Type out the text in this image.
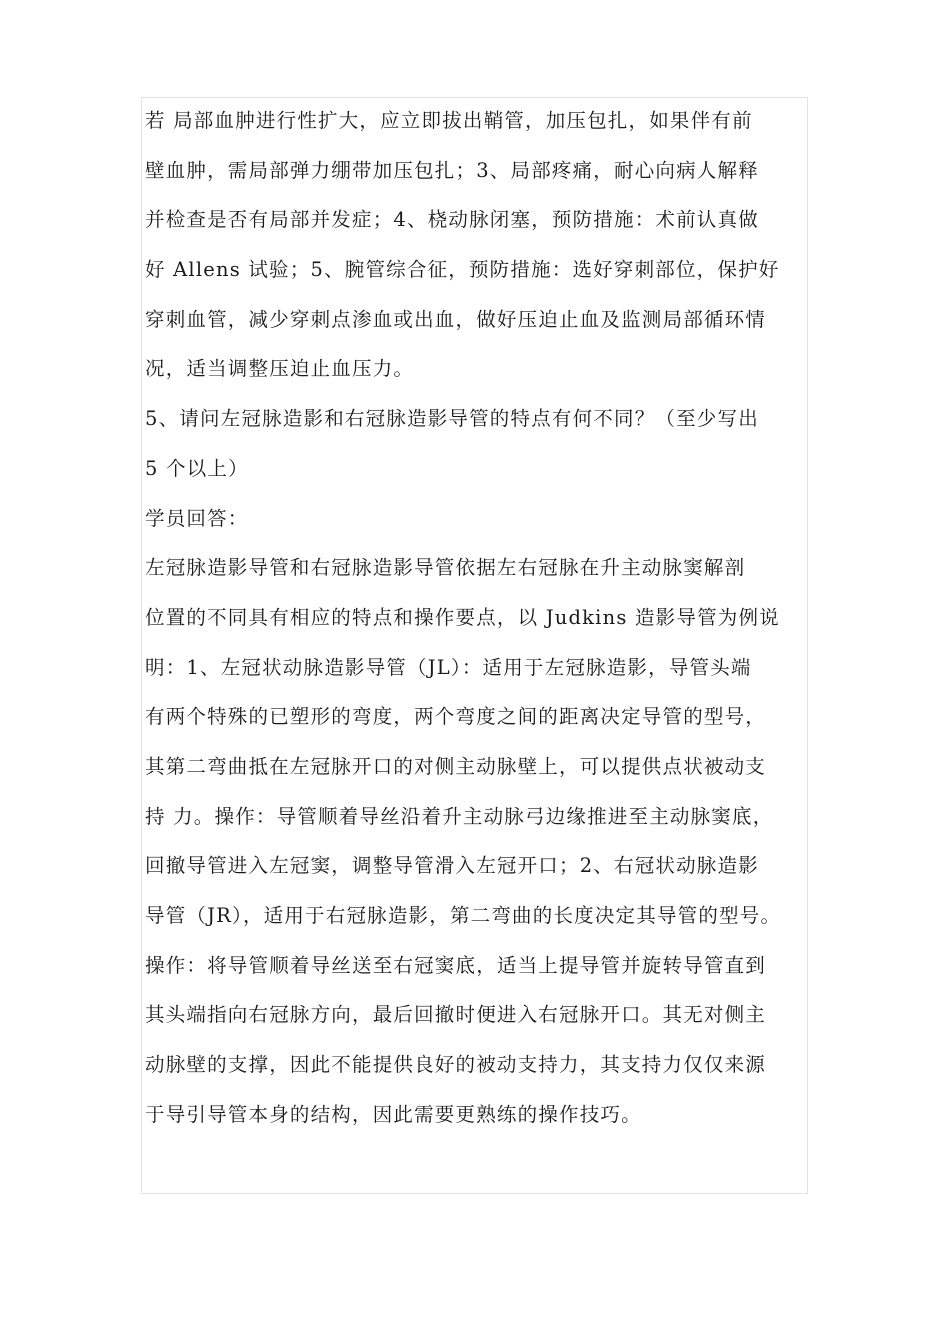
若 局部血肿进行性扩大，应立即拔出鞘管，加压包扎，如果伴有前
壁血肿，需局部弹力绷带加压包扎；3、局部疼痛，耐心向病人解释
并检查是否有局部并发症；4、桡动脉闭塞，预防措施：术前认真做
好 Allens 试验；5、腕管综合征，预防措施：选好穿刺部位，保护好
穿刺血管，减少穿刺点渗血或出血，做好压迫止血及监测局部循环情
况，适当调整压迫止血压力。
5、请问左冠脉造影和右冠脉造影导管的特点有何不同？（至少写出
5 个以上）
学员回答：
左冠脉造影导管和右冠脉造影导管依据左右冠脉在升主动脉窦解剖
位置的不同具有相应的特点和操作要点，以 Judkins 造影导管为例说
明：1、左冠状动脉造影导管（JL）：适用于左冠脉造影，导管头端
有两个特殊的已塑形的弯度，两个弯度之间的距离决定导管的型号，
其第二弯曲抵在左冠脉开口的对侧主动脉壁上，可以提供点状被动支
持 力。操作：导管顺着导丝沿着升主动脉弓边缘推进至主动脉窦底，
回撤导管进入左冠窦，调整导管滑入左冠开口；2、右冠状动脉造影
导管（JR），适用于右冠脉造影，第二弯曲的长度决定其导管的型号。
操作：将导管顺着导丝送至右冠窦底，适当上提导管并旋转导管直到
其头端指向右冠脉方向，最后回撤时便进入右冠脉开口。其无对侧主
动脉壁的支撑，因此不能提供良好的被动支持力，其支持力仅仅来源
于导引导管本身的结构，因此需要更熟练的操作技巧。
